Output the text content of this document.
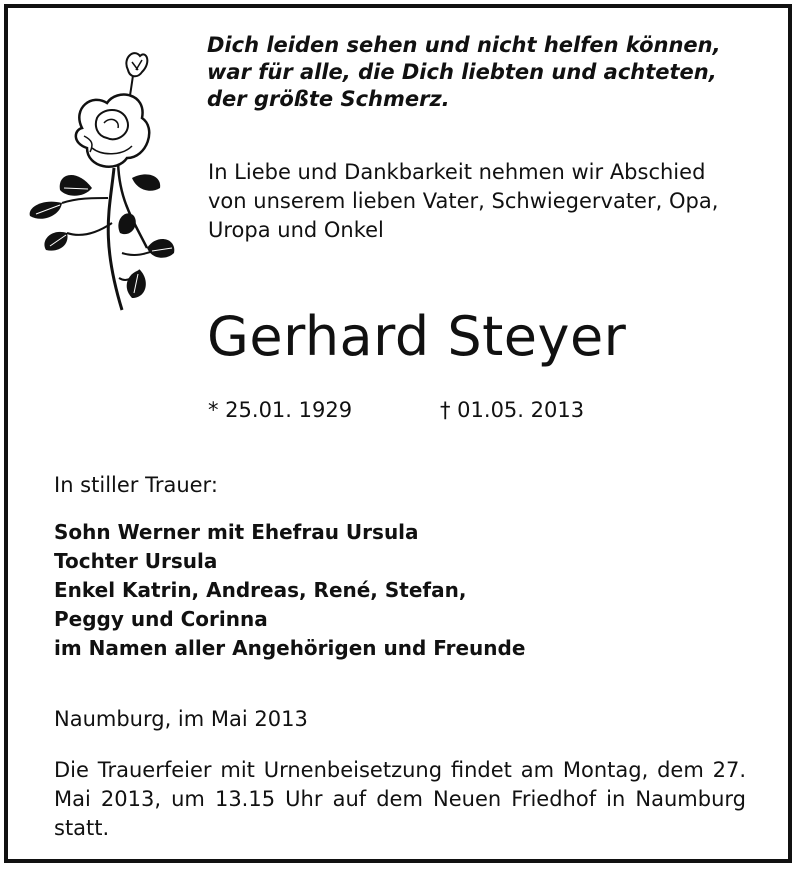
Dich leiden sehen und nicht helfen können,
war für alle, die Dich liebten und achteten,
der größte Schmerz.
In Liebe und Dankbarkeit nehmen wir Abschied
von unserem lieben Vater, Schwiegervater, Opa,
Uropa und Onkel
Gerhard Steyer
* 25.01. 1929	† 01.05. 2013
In stiller Trauer:
Sohn Werner mit Ehefrau Ursula
Tochter Ursula
Enkel Katrin, Andreas, René, Stefan,
Peggy und Corinna
im Namen aller Angehörigen und Freunde
Naumburg, im Mai 2013
Die Trauerfeier mit Urnenbeisetzung findet am Montag, dem 27. Mai 2013, um 13.15 Uhr auf dem Neuen Friedhof in Naumburg statt.
